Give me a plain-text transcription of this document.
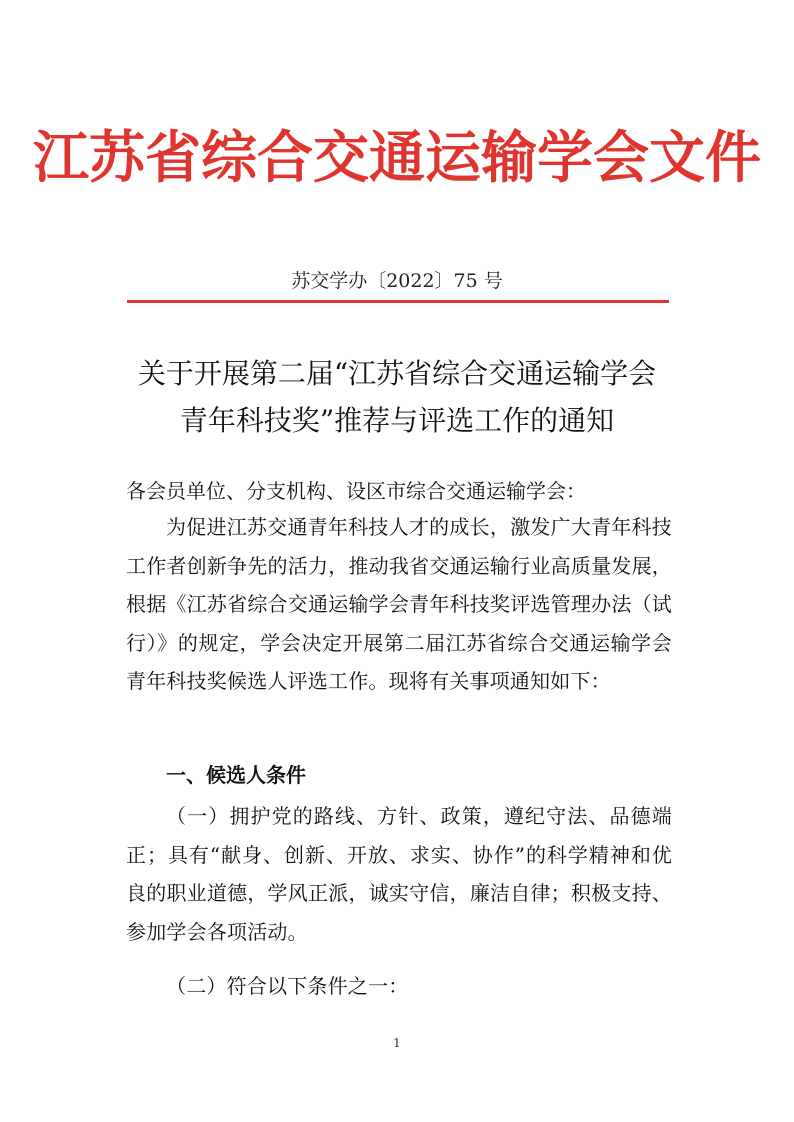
江苏省综合交通运输学会文件
苏交学办〔2022〕75 号
关于开展第二届“江苏省综合交通运输学会
青年科技奖”推荐与评选工作的通知
各会员单位、分支机构、设区市综合交通运输学会：
为促进江苏交通青年科技人才的成长，激发广大青年科技工作者创新争先的活力，推动我省交通运输行业高质量发展，根据《江苏省综合交通运输学会青年科技奖评选管理办法（试行）》的规定，学会决定开展第二届江苏省综合交通运输学会青年科技奖候选人评选工作。现将有关事项通知如下：
一、候选人条件
（一）拥护党的路线、方针、政策，遵纪守法、品德端正；具有“献身、创新、开放、求实、协作”的科学精神和优良的职业道德，学风正派，诚实守信，廉洁自律；积极支持、参加学会各项活动。
（二）符合以下条件之一：
1
